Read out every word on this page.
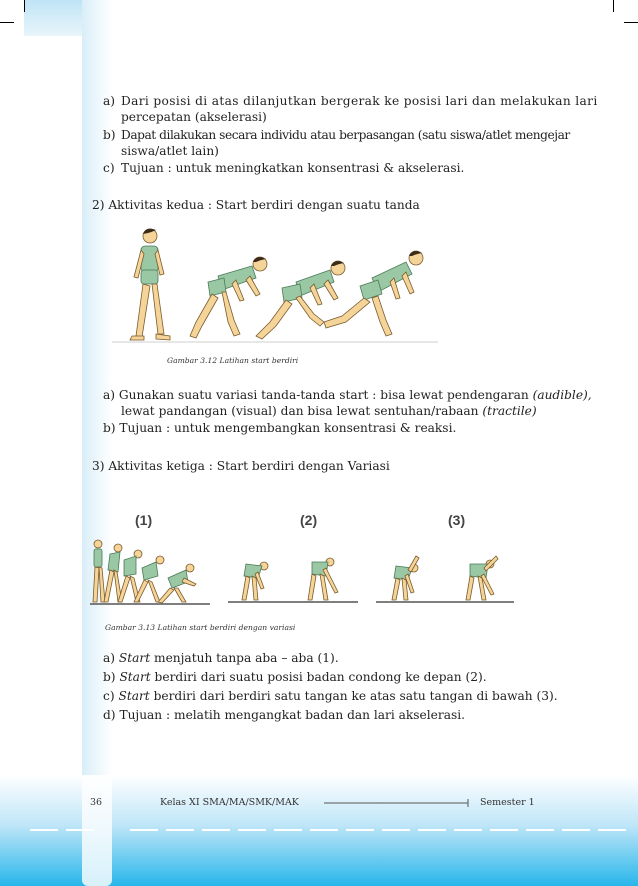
a) Dari posisi di atas dilanjutkan bergerak ke posisi lari dan melakukan lari
percepatan (akselerasi)
b) Dapat dilakukan secara individu atau berpasangan (satu siswa/atlet mengejar
siswa/atlet lain)
c) Tujuan : untuk meningkatkan konsentrasi & akselerasi.
2) Aktivitas kedua : Start berdiri dengan suatu tanda
Gambar 3.12 Latihan start berdiri
a) Gunakan suatu variasi tanda-tanda start : bisa lewat pendengaran (audible),
lewat pandangan (visual) dan bisa lewat sentuhan/rabaan (tractile)
b) Tujuan : untuk mengembangkan konsentrasi & reaksi.
3) Aktivitas ketiga : Start berdiri dengan Variasi
(1)	(2)	(3)
Gambar 3.13 Latihan start berdiri dengan variasi
a) Start menjatuh tanpa aba – aba (1).
b) Start berdiri dari suatu posisi badan condong ke depan (2).
c) Start berdiri dari berdiri satu tangan ke atas satu tangan di bawah (3).
d) Tujuan : melatih mengangkat badan dan lari akselerasi.
36	Kelas XI SMA/MA/SMK/MAK	Semester 1
